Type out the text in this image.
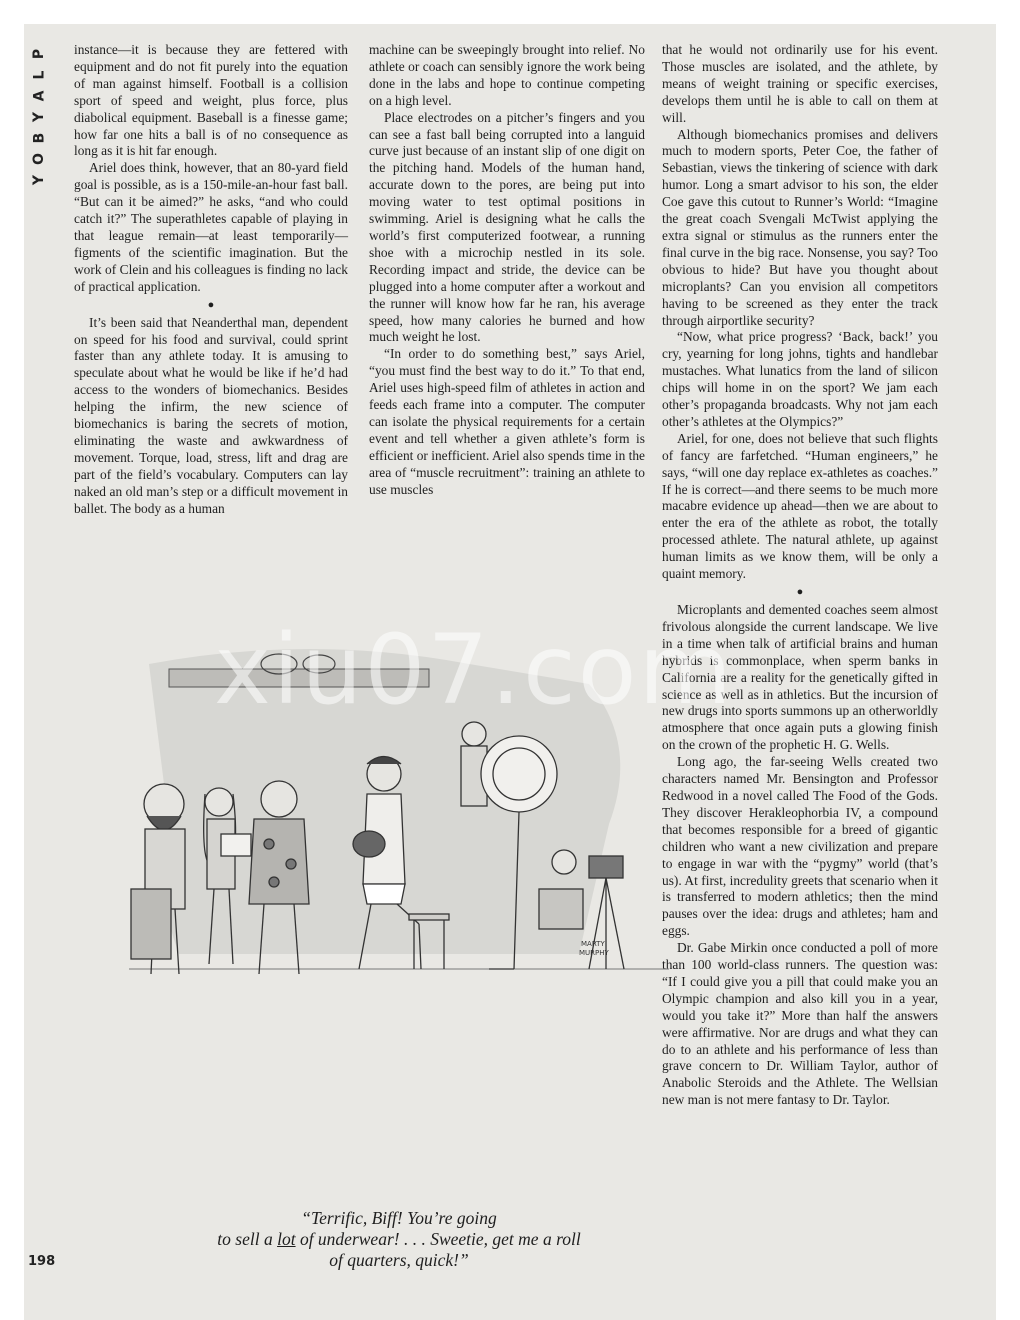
P
L
A
Y
B
O
Y

instance—it is because they are fettered with equipment and do not fit purely into the equation of man against himself. Football is a collision sport of speed and weight, plus force, plus diabolical equipment. Baseball is a finesse game; how far one hits a ball is of no consequence as long as it is hit far enough.

Ariel does think, however, that an 80-yard field goal is possible, as is a 150-mile-an-hour fast ball. “But can it be aimed?” he asks, “and who could catch it?” The superathletes capable of playing in that league remain—at least temporarily—figments of the scientific imagination. But the work of Clein and his colleagues is finding no lack of practical application.

●

It’s been said that Neanderthal man, dependent on speed for his food and survival, could sprint faster than any athlete today. It is amusing to speculate about what he would be like if he’d had access to the wonders of biomechanics. Besides helping the infirm, the new science of biomechanics is baring the secrets of motion, eliminating the waste and awkwardness of movement. Torque, load, stress, lift and drag are part of the field’s vocabulary. Computers can lay naked an old man’s step or a difficult movement in ballet. The body as a human

machine can be sweepingly brought into relief. No athlete or coach can sensibly ignore the work being done in the labs and hope to continue competing on a high level.

Place electrodes on a pitcher’s fingers and you can see a fast ball being corrupted into a languid curve just because of an instant slip of one digit on the pitching hand. Models of the human hand, accurate down to the pores, are being put into moving water to test optimal positions in swimming. Ariel is designing what he calls the world’s first computerized footwear, a running shoe with a microchip nestled in its sole. Recording impact and stride, the device can be plugged into a home computer after a workout and the runner will know how far he ran, his average speed, how many calories he burned and how much weight he lost.

“In order to do something best,” says Ariel, “you must find the best way to do it.” To that end, Ariel uses high-speed film of athletes in action and feeds each frame into a computer. The computer can isolate the physical requirements for a certain event and tell whether a given athlete’s form is efficient or inefficient. Ariel also spends time in the area of “muscle recruitment”: training an athlete to use muscles

that he would not ordinarily use for his event. Those muscles are isolated, and the athlete, by means of weight training or specific exercises, develops them until he is able to call on them at will.

Although biomechanics promises and delivers much to modern sports, Peter Coe, the father of Sebastian, views the tinkering of science with dark humor. Long a smart advisor to his son, the elder Coe gave this cutout to Runner’s World: “Imagine the great coach Svengali McTwist applying the extra signal or stimulus as the runners enter the final curve in the big race. Nonsense, you say? Too obvious to hide? But have you thought about microplants? Can you envision all competitors having to be screened as they enter the track through airportlike security?

“Now, what price progress? ‘Back, back!’ you cry, yearning for long johns, tights and handlebar mustaches. What lunatics from the land of silicon chips will home in on the sport? We jam each other’s propaganda broadcasts. Why not jam each other’s athletes at the Olympics?”

Ariel, for one, does not believe that such flights of fancy are farfetched. “Human engineers,” he says, “will one day replace ex-athletes as coaches.” If he is correct—and there seems to be much more macabre evidence up ahead—then we are about to enter the era of the athlete as robot, the totally processed athlete. The natural athlete, up against human limits as we know them, will be only a quaint memory.

●

Microplants and demented coaches seem almost frivolous alongside the current landscape. We live in a time when talk of artificial brains and human hybrids is commonplace, when sperm banks in California are a reality for the genetically gifted in science as well as in athletics. But the incursion of new drugs into sports summons up an otherworldly atmosphere that once again puts a glowing finish on the crown of the prophetic H. G. Wells.

Long ago, the far-seeing Wells created two characters named Mr. Bensington and Professor Redwood in a novel called The Food of the Gods. They discover Herakleophorbia IV, a compound that becomes responsible for a breed of gigantic children who want a new civilization and prepare to engage in war with the “pygmy” world (that’s us). At first, incredulity greets that scenario when it is transferred to modern athletics; then the mind pauses over the idea: drugs and athletes; ham and eggs.

Dr. Gabe Mirkin once conducted a poll of more than 100 world-class runners. The question was: “If I could give you a pill that could make you an Olympic champion and also kill you in a year, would you take it?” More than half the answers were affirmative. Nor are drugs and what they can do to an athlete and his performance of less than grave concern to Dr. William Taylor, author of Anabolic Steroids and the Athlete. The Wellsian new man is not mere fantasy to Dr. Taylor.

MARTY
MURPHY
xiu07.com
“Terrific, Biff! You’re going
to sell a lot of underwear! . . . Sweetie, get me a roll
of quarters, quick!”
198
